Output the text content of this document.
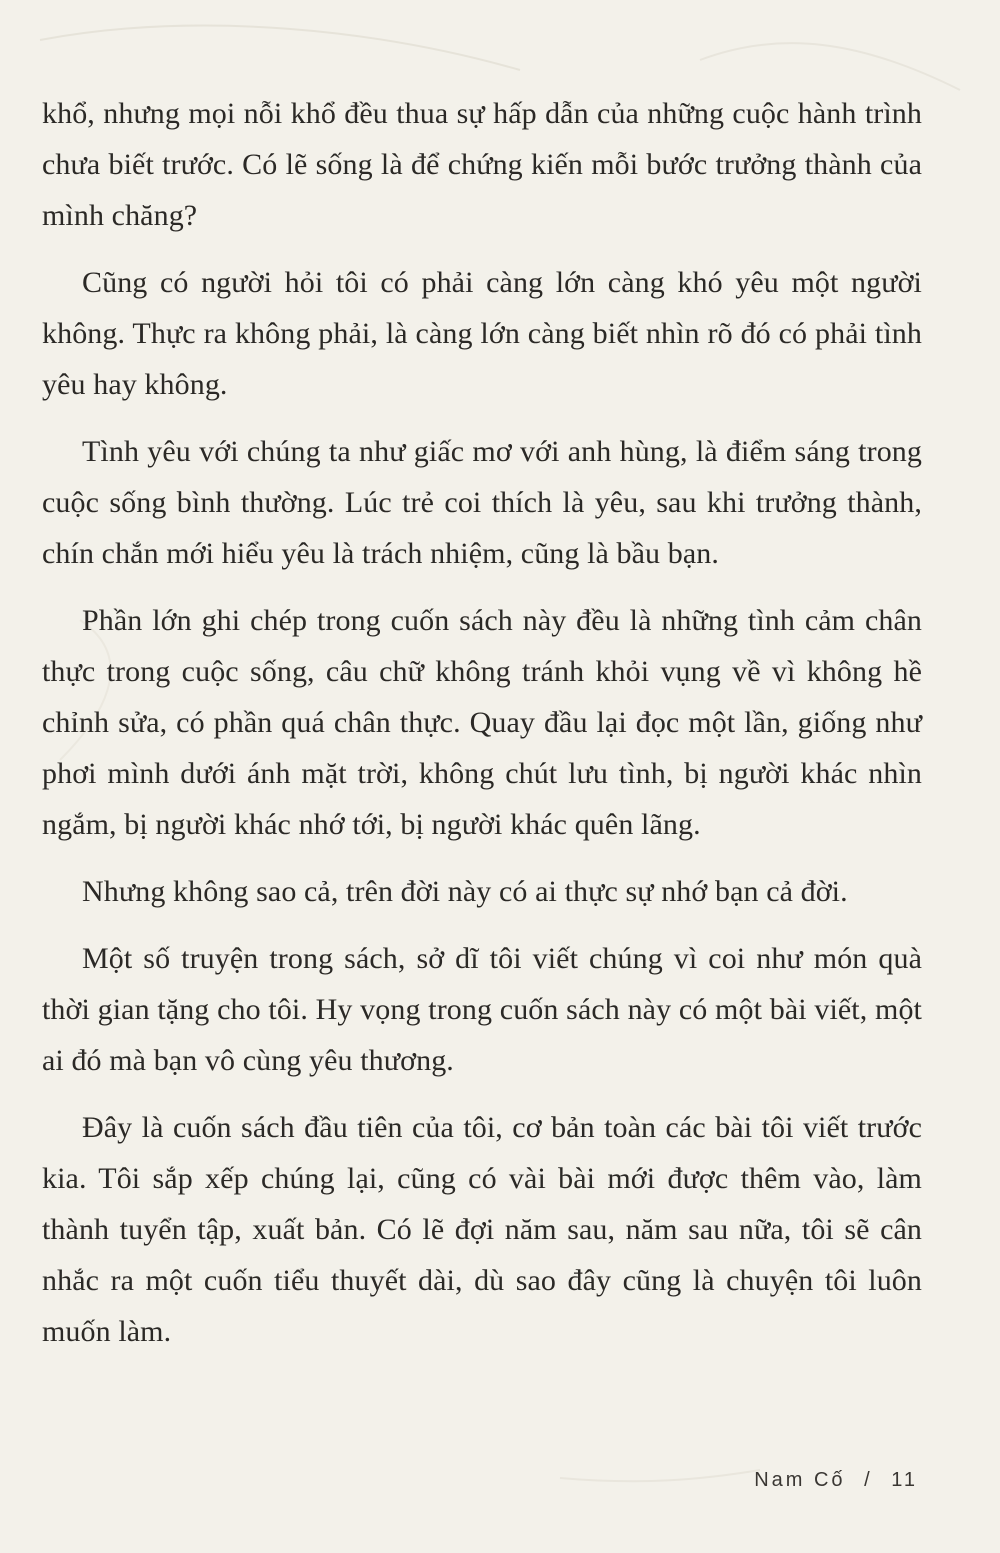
khổ, nhưng mọi nỗi khổ đều thua sự hấp dẫn của những cuộc hành trình chưa biết trước. Có lẽ sống là để chứng kiến mỗi bước trưởng thành của mình chăng?

Cũng có người hỏi tôi có phải càng lớn càng khó yêu một người không. Thực ra không phải, là càng lớn càng biết nhìn rõ đó có phải tình yêu hay không.

Tình yêu với chúng ta như giấc mơ với anh hùng, là điểm sáng trong cuộc sống bình thường. Lúc trẻ coi thích là yêu, sau khi trưởng thành, chín chắn mới hiểu yêu là trách nhiệm, cũng là bầu bạn.

Phần lớn ghi chép trong cuốn sách này đều là những tình cảm chân thực trong cuộc sống, câu chữ không tránh khỏi vụng về vì không hề chỉnh sửa, có phần quá chân thực. Quay đầu lại đọc một lần, giống như phơi mình dưới ánh mặt trời, không chút lưu tình, bị người khác nhìn ngắm, bị người khác nhớ tới, bị người khác quên lãng.

Nhưng không sao cả, trên đời này có ai thực sự nhớ bạn cả đời.

Một số truyện trong sách, sở dĩ tôi viết chúng vì coi như món quà thời gian tặng cho tôi. Hy vọng trong cuốn sách này có một bài viết, một ai đó mà bạn vô cùng yêu thương.

Đây là cuốn sách đầu tiên của tôi, cơ bản toàn các bài tôi viết trước kia. Tôi sắp xếp chúng lại, cũng có vài bài mới được thêm vào, làm thành tuyển tập, xuất bản. Có lẽ đợi năm sau, năm sau nữa, tôi sẽ cân nhắc ra một cuốn tiểu thuyết dài, dù sao đây cũng là chuyện tôi luôn muốn làm.

Nam Cố / 11
